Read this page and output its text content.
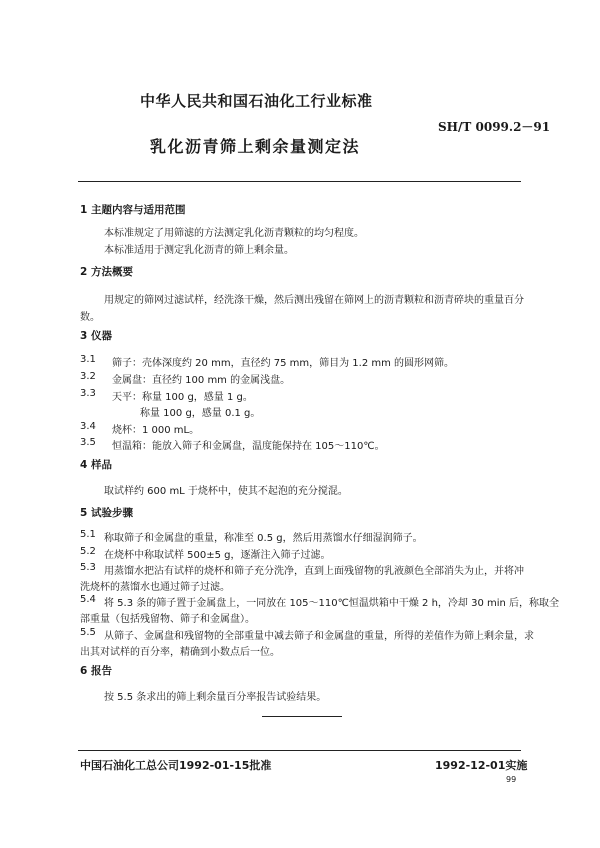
中华人民共和国石油化工行业标准
SH/T 0099.2－91
乳化沥青筛上剩余量测定法
1 主题内容与适用范围
本标准规定了用筛滤的方法测定乳化沥青颗粒的均匀程度。
本标准适用于测定乳化沥青的筛上剩余量。
2 方法概要
用规定的筛网过滤试样，经洗涤干燥，然后测出残留在筛网上的沥青颗粒和沥青碎块的重量百分
数。
3 仪器
3.1 筛子：壳体深度约 20 mm，直径约 75 mm，筛目为 1.2 mm 的圆形网筛。
3.2 金属盘：直径约 100 mm 的金属浅盘。
3.3 天平：称量 100 g，感量 1 g。
称量 100 g，感量 0.1 g。
3.4 烧杯：1 000 mL。
3.5 恒温箱：能放入筛子和金属盘，温度能保持在 105～110℃。
4 样品
取试样约 600 mL 于烧杯中，使其不起泡的充分搅混。
5 试验步骤
5.1 称取筛子和金属盘的重量，称准至 0.5 g，然后用蒸馏水仔细湿润筛子。
5.2 在烧杯中称取试样 500±5 g，逐渐注入筛子过滤。
5.3 用蒸馏水把沾有试样的烧杯和筛子充分洗净，直到上面残留物的乳液颜色全部消失为止，并将冲
洗烧杯的蒸馏水也通过筛子过滤。
5.4 将 5.3 条的筛子置于金属盘上，一同放在 105～110℃恒温烘箱中干燥 2 h，冷却 30 min 后，称取全
部重量（包括残留物、筛子和金属盘）。
5.5 从筛子、金属盘和残留物的全部重量中减去筛子和金属盘的重量，所得的差值作为筛上剩余量，求
出其对试样的百分率，精确到小数点后一位。
6 报告
按 5.5 条求出的筛上剩余量百分率报告试验结果。
中国石油化工总公司1992-01-15批准	1992-12-01实施
99
